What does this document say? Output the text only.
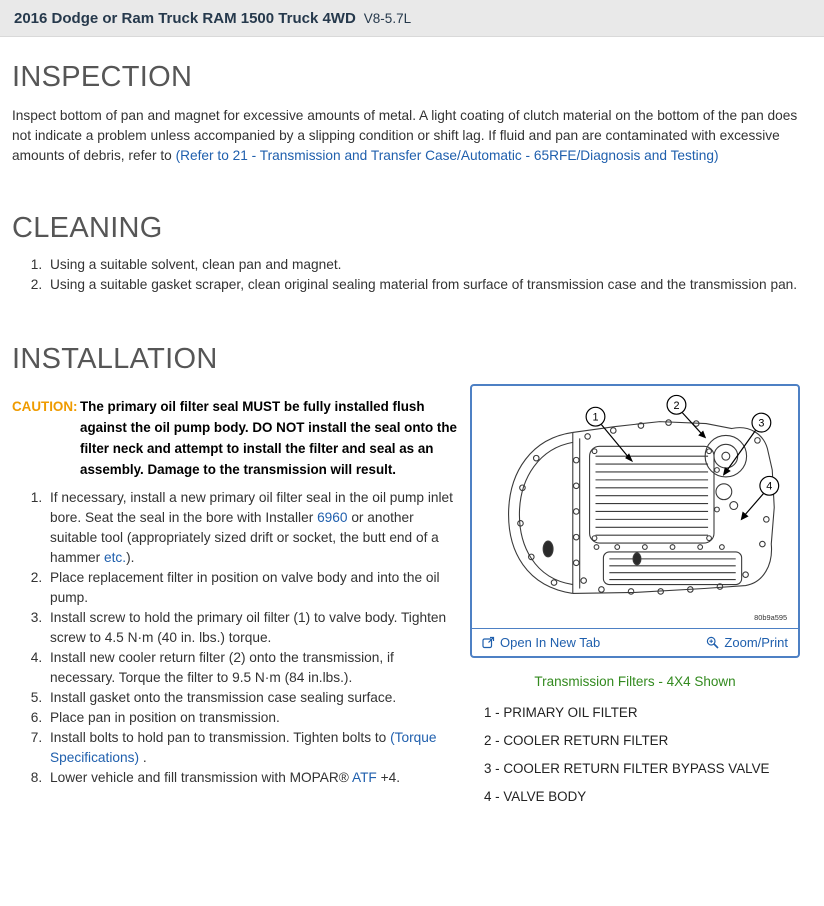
2016 Dodge or Ram Truck RAM 1500 Truck 4WD V8-5.7L
INSPECTION

Inspect bottom of pan and magnet for excessive amounts of metal. A light coating of clutch material on the bottom of the pan does not indicate a problem unless accompanied by a slipping condition or shift lag. If fluid and pan are contaminated with excessive amounts of debris, refer to (Refer to 21 - Transmission and Transfer Case/Automatic - 65RFE/Diagnosis and Testing)

CLEANING
1. Using a suitable solvent, clean pan and magnet.
2. Using a suitable gasket scraper, clean original sealing material from surface of transmission case and the transmission pan.
INSTALLATION
CAUTION: The primary oil filter seal MUST be fully installed flush against the oil pump body. DO NOT install the seal onto the filter neck and attempt to install the filter and seal as an assembly. Damage to the transmission will result.
1. If necessary, install a new primary oil filter seal in the oil pump inlet bore. Seat the seal in the bore with Installer 6960 or another suitable tool (appropriately sized drift or socket, the butt end of a hammer etc.).
2. Place replacement filter in position on valve body and into the oil pump.
3. Install screw to hold the primary oil filter (1) to valve body. Tighten screw to 4.5 N·m (40 in. lbs.) torque.
4. Install new cooler return filter (2) onto the transmission, if necessary. Torque the filter to 9.5 N·m (84 in.lbs.).
5. Install gasket onto the transmission case sealing surface.
6. Place pan in position on transmission.
7. Install bolts to hold pan to transmission. Tighten bolts to (Torque Specifications) .
8. Lower vehicle and fill transmission with MOPAR® ATF +4.
1
2
3
4
80b9a595
Open In New Tab	Zoom/Print
Transmission Filters - 4X4 Shown
1 - PRIMARY OIL FILTER
2 - COOLER RETURN FILTER
3 - COOLER RETURN FILTER BYPASS VALVE
4 - VALVE BODY
